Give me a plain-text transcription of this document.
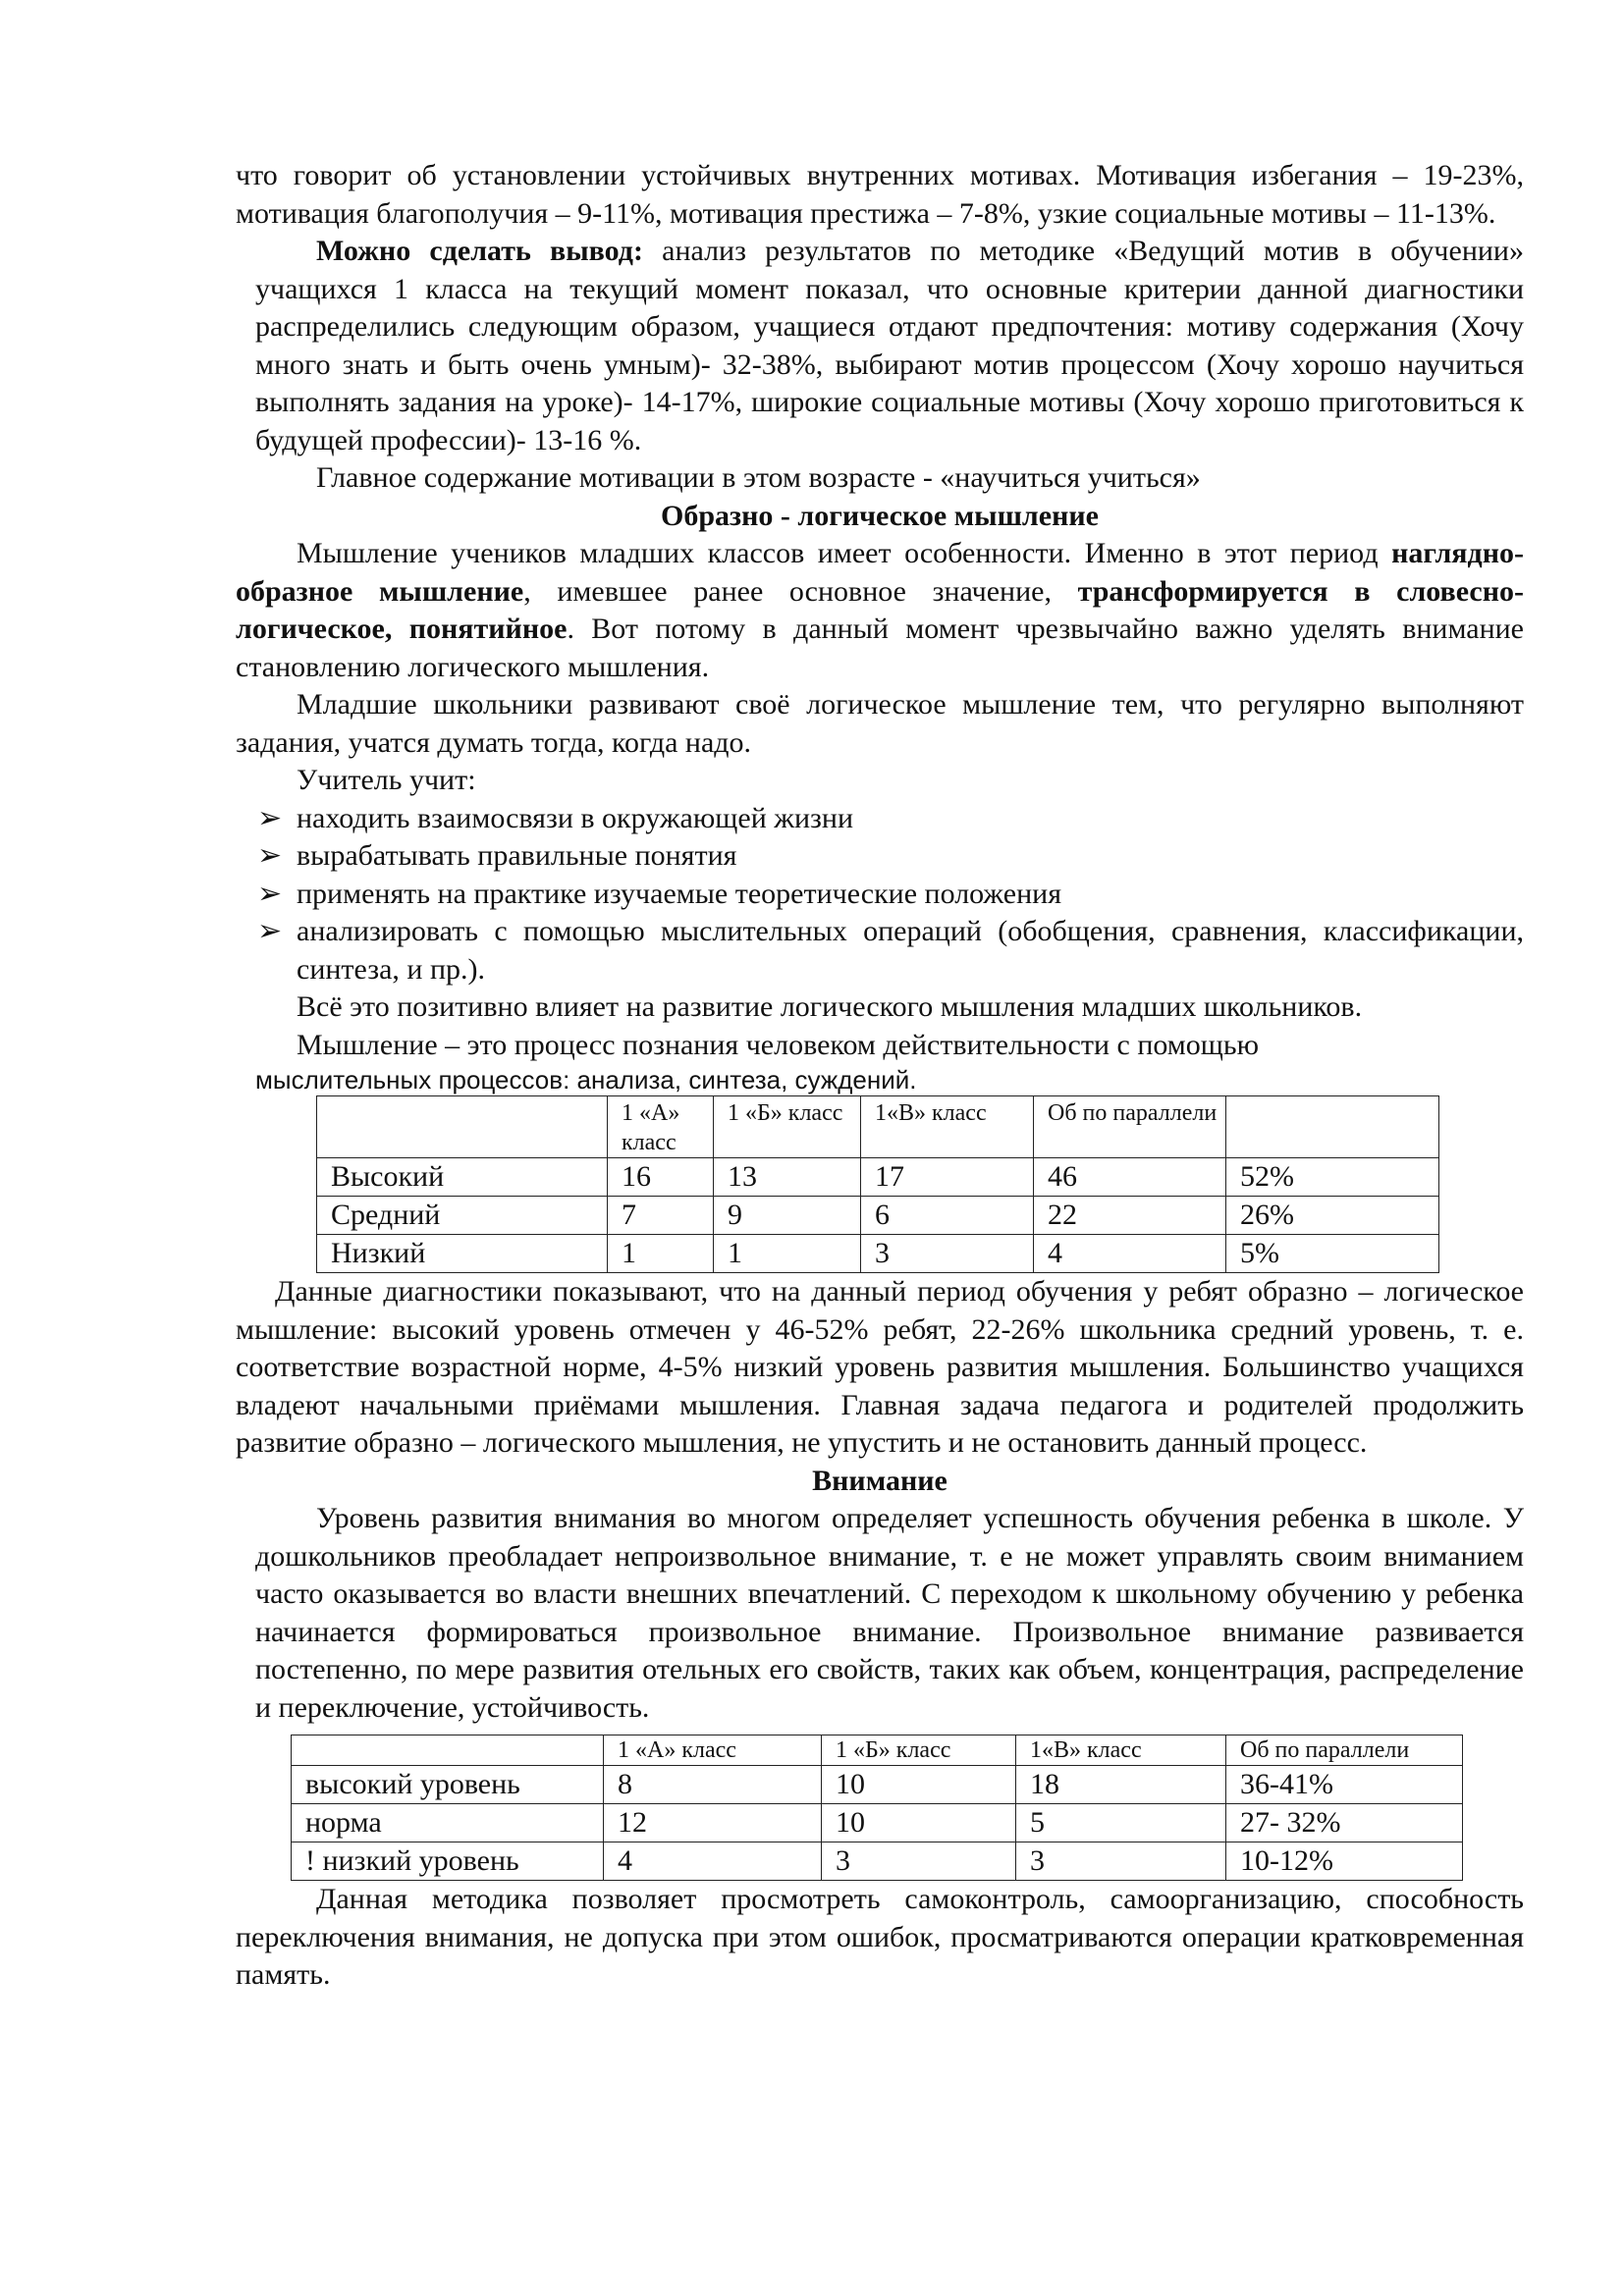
что говорит об установлении устойчивых внутренних мотивах. Мотивация избегания – 19-23%, мотивация благополучия – 9-11%, мотивация престижа – 7-8%, узкие социальные мотивы – 11-13%.

Можно сделать вывод: анализ результатов по методике «Ведущий мотив в обучении» учащихся 1 класса на текущий момент показал, что основные критерии данной диагностики распределились следующим образом, учащиеся отдают предпочтения: мотиву содержания (Хочу много знать и быть очень умным)- 32-38%, выбирают мотив процессом (Хочу хорошо научиться выполнять задания на уроке)- 14-17%, широкие социальные мотивы (Хочу хорошо приготовиться к будущей профессии)- 13-16 %.

Главное содержание мотивации в этом возрасте - «научиться учиться»

Образно - логическое мышление

Мышление учеников младших классов имеет особенности. Именно в этот период наглядно-образное мышление, имевшее ранее основное значение, трансформируется в словесно-логическое, понятийное. Вот потому в данный момент чрезвычайно важно уделять внимание становлению логического мышления.

Младшие школьники развивают своё логическое мышление тем, что регулярно выполняют задания, учатся думать тогда, когда надо.

Учитель учит:

➢ находить взаимосвязи в окружающей жизни
➢ вырабатывать правильные понятия
➢ применять на практике изучаемые теоретические положения
➢ анализировать с помощью мыслительных операций (обобщения, сравнения, классификации, синтеза, и пр.).

Всё это позитивно влияет на развитие логического мышления младших школьников.

Мышление – это процесс познания человеком действительности с помощью

мыслительных процессов: анализа, синтеза, суждений.

	1 «А» класс	1 «Б» класс	1«В» класс	Об по параллели	
Высокий	16	13	17	46	52%
Средний	7	9	6	22	26%
Низкий	1	1	3	4	5%

Данные диагностики показывают, что на данный период обучения у ребят образно – логическое мышление: высокий уровень отмечен у 46-52% ребят, 22-26% школьника средний уровень, т. е. соответствие возрастной норме, 4-5% низкий уровень развития мышления. Большинство учащихся владеют начальными приёмами мышления. Главная задача педагога и родителей продолжить развитие образно – логического мышления, не упустить и не остановить данный процесс.

Внимание

Уровень развития внимания во многом определяет успешность обучения ребенка в школе. У дошкольников преобладает непроизвольное внимание, т. е не может управлять своим вниманием часто оказывается во власти внешних впечатлений. С переходом к школьному обучению у ребенка начинается формироваться произвольное внимание. Произвольное внимание развивается постепенно, по мере развития отельных его свойств, таких как объем, концентрация, распределение и переключение, устойчивость.

	1 «А» класс	1 «Б» класс	1«В» класс	Об по параллели
высокий уровень	8	10	18	36-41%
норма	12	10	5	27- 32%
! низкий уровень	4	3	3	10-12%

Данная методика позволяет просмотреть самоконтроль, самоорганизацию, способность переключения внимания, не допуска при этом ошибок, просматриваются операции кратковременная память.
